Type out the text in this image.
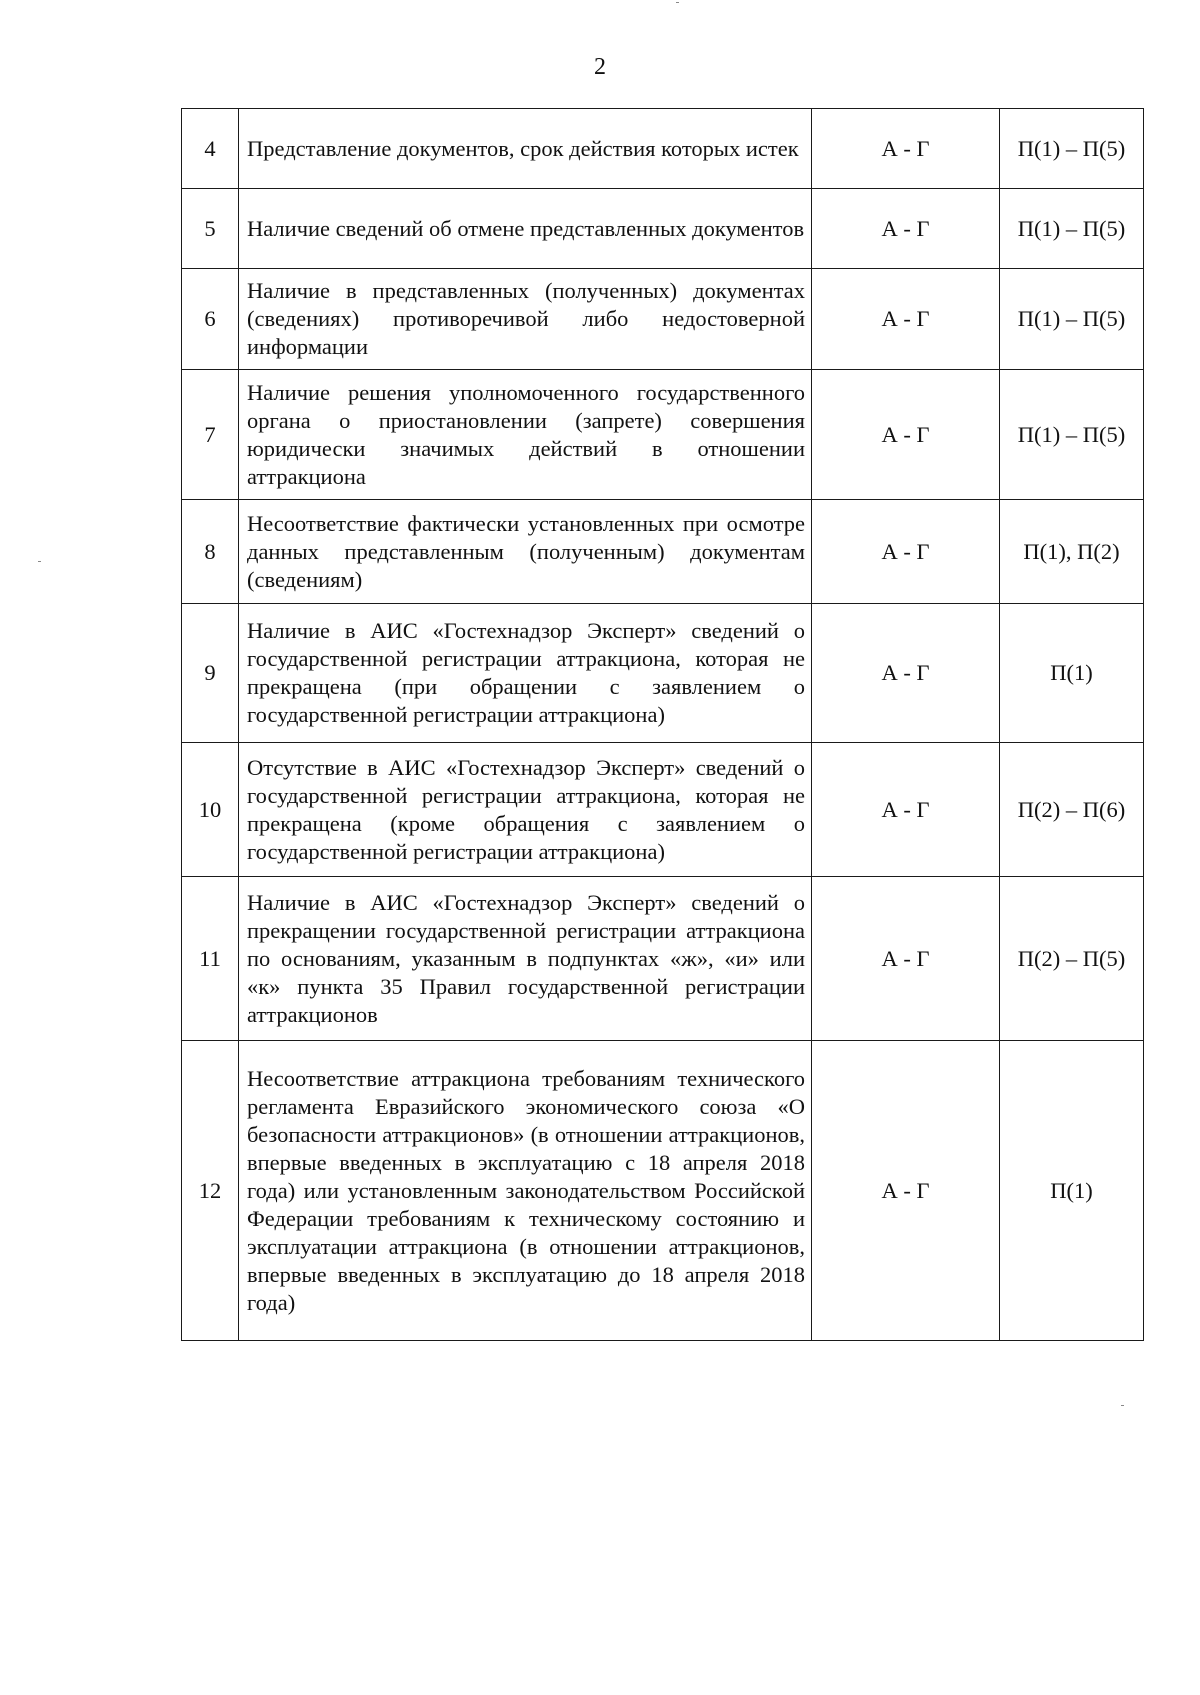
2
4	Представление документов, срок действия которых истек	А - Г	П(1) – П(5)
5	Наличие сведений об отмене представленных документов	А - Г	П(1) – П(5)
6	Наличие в представленных (полученных) документах (сведениях) противоречивой либо недостоверной информации	А - Г	П(1) – П(5)
7	Наличие решения уполномоченного государственного органа о приостановлении (запрете) совершения юридически значимых действий в отношении аттракциона	А - Г	П(1) – П(5)
8	Несоответствие фактически установленных при осмотре данных представленным (полученным) документам (сведениям)	А - Г	П(1), П(2)
9	Наличие в АИС «Гостехнадзор Эксперт» сведений о государственной регистрации аттракциона, которая не прекращена (при обращении с заявлением о государственной регистрации аттракциона)	А - Г	П(1)
10	Отсутствие в АИС «Гостехнадзор Эксперт» сведений о государственной регистрации аттракциона, которая не прекращена (кроме обращения с заявлением о государственной регистрации аттракциона)	А - Г	П(2) – П(6)
11	Наличие в АИС «Гостехнадзор Эксперт» сведений о прекращении государственной регистрации аттракциона по основаниям, указанным в подпунктах «ж», «и» или «к» пункта 35 Правил государственной регистрации аттракционов	А - Г	П(2) – П(5)
12	Несоответствие аттракциона требованиям технического регламента Евразийского экономического союза «О безопасности аттракционов» (в отношении аттракционов, впервые введенных в эксплуатацию с 18 апреля 2018 года) или установленным законодательством Российской Федерации требованиям к техническому состоянию и эксплуатации аттракциона (в отношении аттракционов, впервые введенных в эксплуатацию до 18 апреля 2018 года)	А - Г	П(1)
